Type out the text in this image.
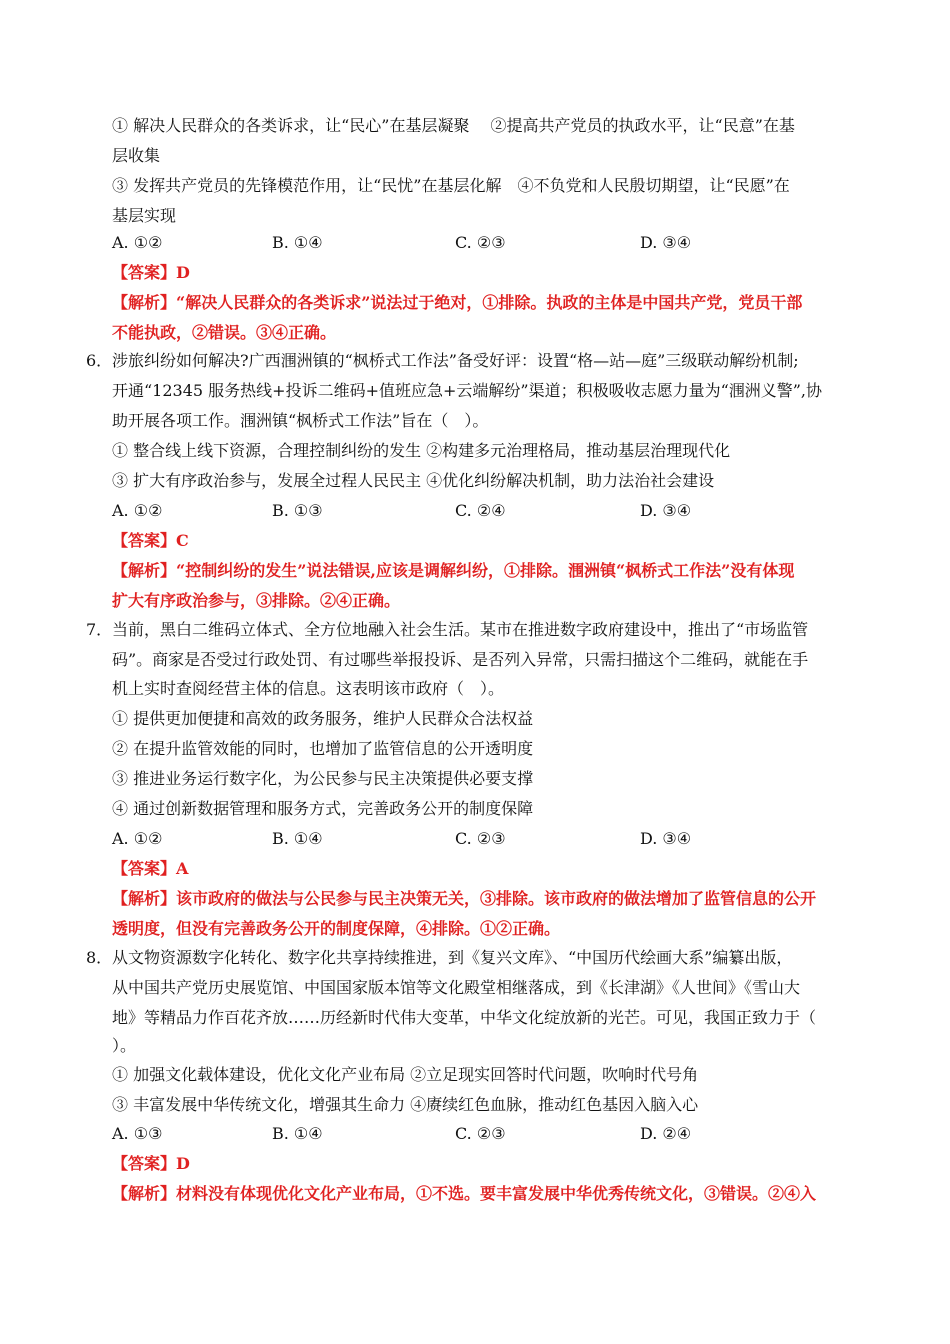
① 解决人民群众的各类诉求，让“民心”在基层凝聚　 ②提高共产党员的执政水平，让“民意”在基
层收集
③ 发挥共产党员的先锋模范作用，让“民忧”在基层化解　④不负党和人民殷切期望，让“民愿”在
基层实现
A. ①②	B. ①④	C. ②③	D. ③④
【答案】D
【解析】“解决人民群众的各类诉求”说法过于绝对，①排除。执政的主体是中国共产党，党员干部
不能执政，②错误。③④正确。
6． 涉旅纠纷如何解决?广西涠洲镇的“枫桥式工作法”备受好评：设置“格—站—庭”三级联动解纷机制;
开通“12345 服务热线+投诉二维码+值班应急+云端解纷”渠道；积极吸收志愿力量为“涠洲义警”,协
助开展各项工作。涠洲镇“枫桥式工作法”旨在（　）。
① 整合线上线下资源，合理控制纠纷的发生 ②构建多元治理格局，推动基层治理现代化
③ 扩大有序政治参与，发展全过程人民民主 ④优化纠纷解决机制，助力法治社会建设
A. ①②	B. ①③	C. ②④	D. ③④
【答案】C
【解析】“控制纠纷的发生”说法错误,应该是调解纠纷，①排除。涠洲镇“枫桥式工作法”没有体现
扩大有序政治参与，③排除。②④正确。
7． 当前，黑白二维码立体式、全方位地融入社会生活。某市在推进数字政府建设中，推出了“市场监管
码”。商家是否受过行政处罚、有过哪些举报投诉、是否列入异常，只需扫描这个二维码，就能在手
机上实时查阅经营主体的信息。这表明该市政府（　）。
① 提供更加便捷和高效的政务服务，维护人民群众合法权益
② 在提升监管效能的同时，也增加了监管信息的公开透明度
③ 推进业务运行数字化，为公民参与民主决策提供必要支撑
④ 通过创新数据管理和服务方式，完善政务公开的制度保障
A. ①②	B. ①④	C. ②③	D. ③④
【答案】A
【解析】该市政府的做法与公民参与民主决策无关，③排除。该市政府的做法增加了监管信息的公开
透明度，但没有完善政务公开的制度保障，④排除。①②正确。
8． 从文物资源数字化转化、数字化共享持续推进，到《复兴文库》、“中国历代绘画大系”编纂出版，
从中国共产党历史展览馆、中国国家版本馆等文化殿堂相继落成，到《长津湖》《人世间》《雪山大
地》等精品力作百花齐放……历经新时代伟大变革，中华文化绽放新的光芒。可见，我国正致力于（
）。
① 加强文化载体建设，优化文化产业布局 ②立足现实回答时代问题，吹响时代号角
③ 丰富发展中华传统文化，增强其生命力 ④赓续红色血脉，推动红色基因入脑入心
A. ①③	B. ①④	C. ②③	D. ②④
【答案】D
【解析】材料没有体现优化文化产业布局，①不选。要丰富发展中华优秀传统文化，③错误。②④入
